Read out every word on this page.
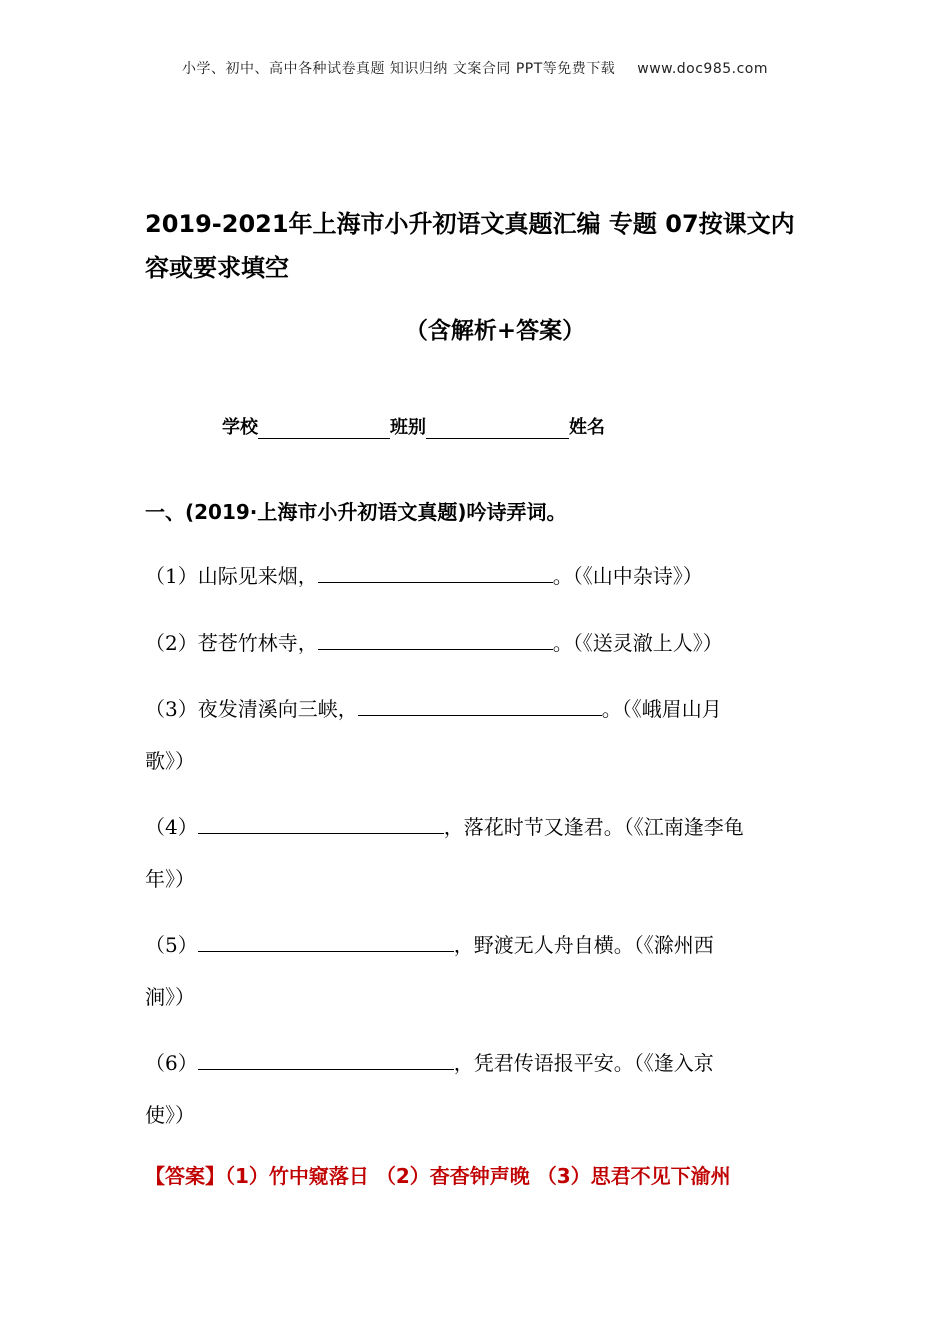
小学、初中、高中各种试卷真题 知识归纳 文案合同 PPT等免费下载 www.doc985.com
2019-2021年上海市小升初语文真题汇编 专题 07按课文内
容或要求填空
（含解析+答案）
学校	班别	姓名
一、(2019·上海市小升初语文真题)吟诗弄词。
（1）山际见来烟，	。（《山中杂诗》）
（2）苍苍竹林寺，	。（《送灵澈上人》）
（3）夜发清溪向三峡，	。（《峨眉山月
歌》）
（4）	，落花时节又逢君。（《江南逢李龟
年》）
（5）	，野渡无人舟自横。（《滁州西
涧》）
（6）	，凭君传语报平安。（《逢入京
使》）
【答案】（1）竹中窥落日 （2）杳杳钟声晚 （3）思君不见下渝州
